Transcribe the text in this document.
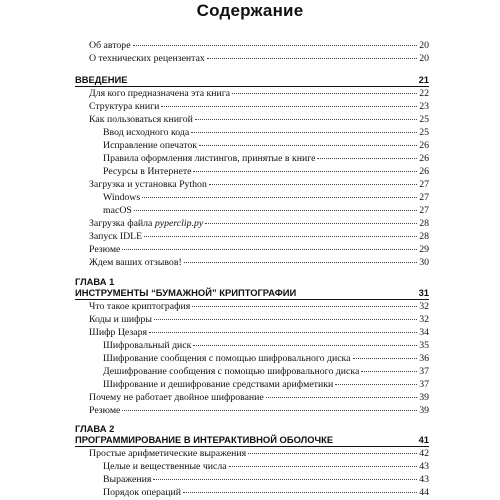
Содержание
Об авторе	20
О технических рецензентах	20
ВВЕДЕНИЕ	21
Для кого предназначена эта книга	22
Структура книги	23
Как пользоваться книгой	25
Ввод исходного кода	25
Исправление опечаток	26
Правила оформления листингов, принятые в книге	26
Ресурсы в Интернете	26
Загрузка и установка Python	27
Windows	27
macOS	27
Загрузка файла pyperclip.py	28
Запуск IDLE	28
Резюме	29
Ждем ваших отзывов!	30
ГЛАВА 1
ИНСТРУМЕНТЫ “БУМАЖНОЙ” КРИПТОГРАФИИ	31
Что такое криптография	32
Коды и шифры	32
Шифр Цезаря	34
Шифровальный диск	35
Шифрование сообщения с помощью шифровального диска	36
Дешифрование сообщения с помощью шифровального диска	37
Шифрование и дешифрование средствами арифметики	37
Почему не работает двойное шифрование	39
Резюме	39
ГЛАВА 2
ПРОГРАММИРОВАНИЕ В ИНТЕРАКТИВНОЙ ОБОЛОЧКЕ	41
Простые арифметические выражения	42
Целые и вещественные числа	43
Выражения	43
Порядок операций	44
